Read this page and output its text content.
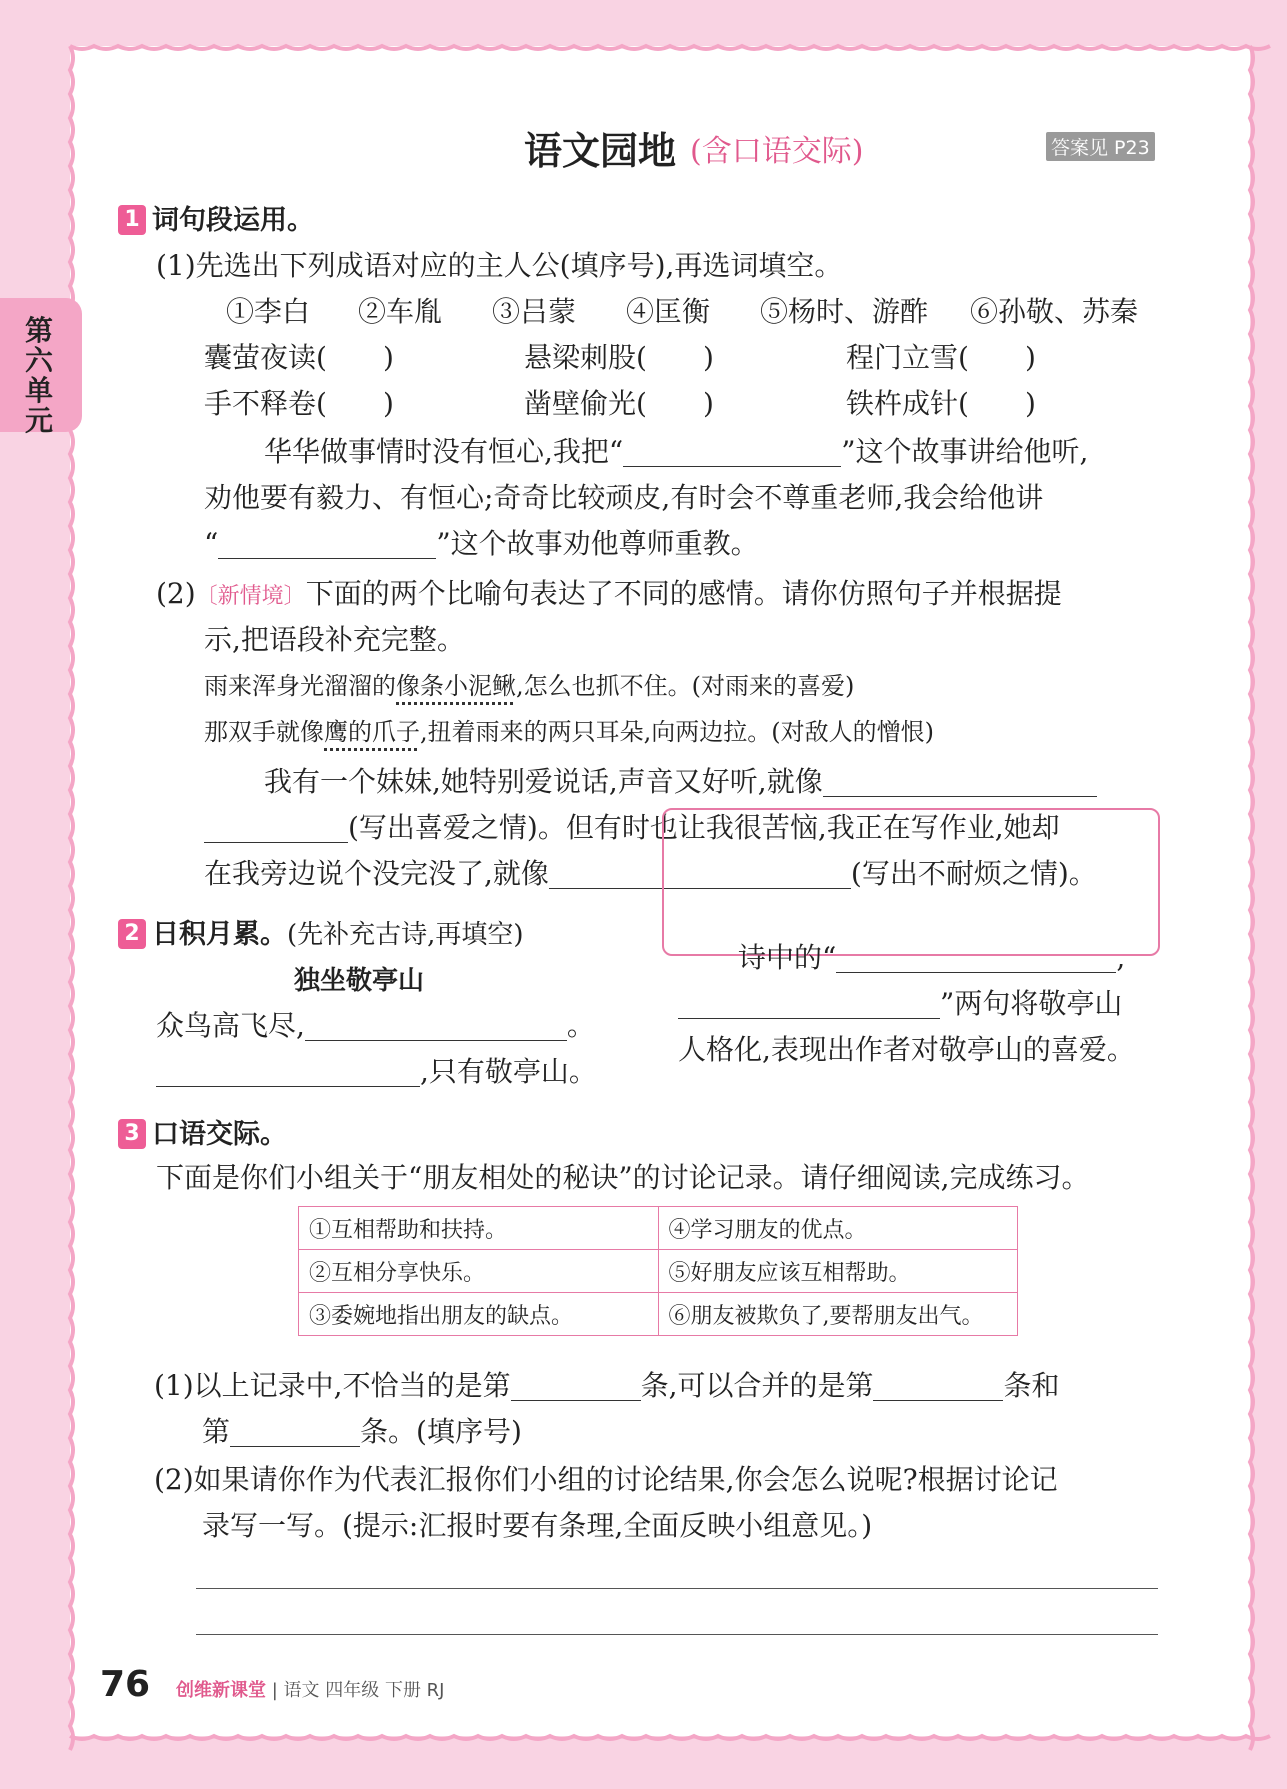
第六单元
语文园地 (含口语交际)	答案见 P23
1 词句段运用。
(1)先选出下列成语对应的主人公(填序号),再选词填空。
①李白 ②车胤 ③吕蒙 ④匡衡 ⑤杨时、游酢 ⑥孙敬、苏秦
囊萤夜读(  )	悬梁刺股(  )	程门立雪(  )
手不释卷(  )	凿壁偷光(  )	铁杵成针(  )
华华做事情时没有恒心,我把“	”这个故事讲给他听,
劝他要有毅力、有恒心;奇奇比较顽皮,有时会不尊重老师,我会给他讲
“	”这个故事劝他尊师重教。
(2)〔新情境〕下面的两个比喻句表达了不同的感情。请你仿照句子并根据提
示,把语段补充完整。
雨来浑身光溜溜的像条小泥鳅,怎么也抓不住。(对雨来的喜爱)
那双手就像鹰的爪子,扭着雨来的两只耳朵,向两边拉。(对敌人的憎恨)
我有一个妹妹,她特别爱说话,声音又好听,就像
(写出喜爱之情)。但有时也让我很苦恼,我正在写作业,她却
在我旁边说个没完没了,就像	(写出不耐烦之情)。
2 日积月累。(先补充古诗,再填空)
独坐敬亭山
众鸟高飞尽,	。
,只有敬亭山。
诗中的“	,
”两句将敬亭山
人格化,表现出作者对敬亭山的喜爱。
3 口语交际。
下面是你们小组关于“朋友相处的秘诀”的讨论记录。请仔细阅读,完成练习。
①互相帮助和扶持。	④学习朋友的优点。
②互相分享快乐。	⑤好朋友应该互相帮助。
③委婉地指出朋友的缺点。	⑥朋友被欺负了,要帮朋友出气。
(1)以上记录中,不恰当的是第	条,可以合并的是第	条和
第	条。(填序号)
(2)如果请你作为代表汇报你们小组的讨论结果,你会怎么说呢?根据讨论记
录写一写。(提示:汇报时要有条理,全面反映小组意见。)
76 创维新课堂 | 语文 四年级 下册 RJ
